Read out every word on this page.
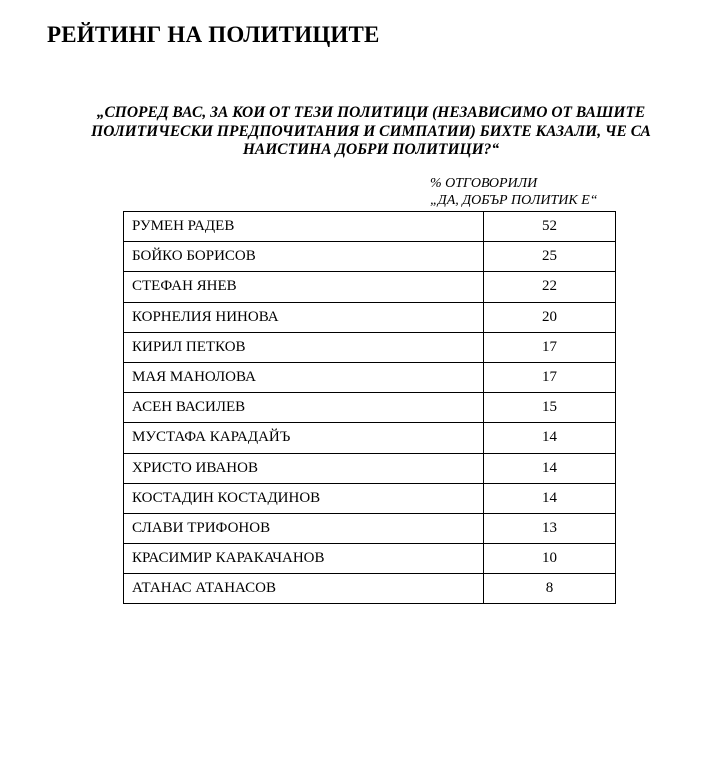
РЕЙТИНГ НА ПОЛИТИЦИТЕ

„СПОРЕД ВАС, ЗА КОИ ОТ ТЕЗИ ПОЛИТИЦИ (НЕЗАВИСИМО ОТ ВАШИТЕ ПОЛИТИЧЕСКИ ПРЕДПОЧИТАНИЯ И СИМПАТИИ) БИХТЕ КАЗАЛИ, ЧЕ СА НАИСТИНА ДОБРИ ПОЛИТИЦИ?“

% ОТГОВОРИЛИ
„ДА, ДОБЪР ПОЛИТИК Е“
РУМЕН РАДЕВ	52
БОЙКО БОРИСОВ	25
СТЕФАН ЯНЕВ	22
КОРНЕЛИЯ НИНОВА	20
КИРИЛ ПЕТКОВ	17
МАЯ МАНОЛОВА	17
АСЕН ВАСИЛЕВ	15
МУСТАФА КАРАДАЙЪ	14
ХРИСТО ИВАНОВ	14
КОСТАДИН КОСТАДИНОВ	14
СЛАВИ ТРИФОНОВ	13
КРАСИМИР КАРАКАЧАНОВ	10
АТАНАС АТАНАСОВ	8
